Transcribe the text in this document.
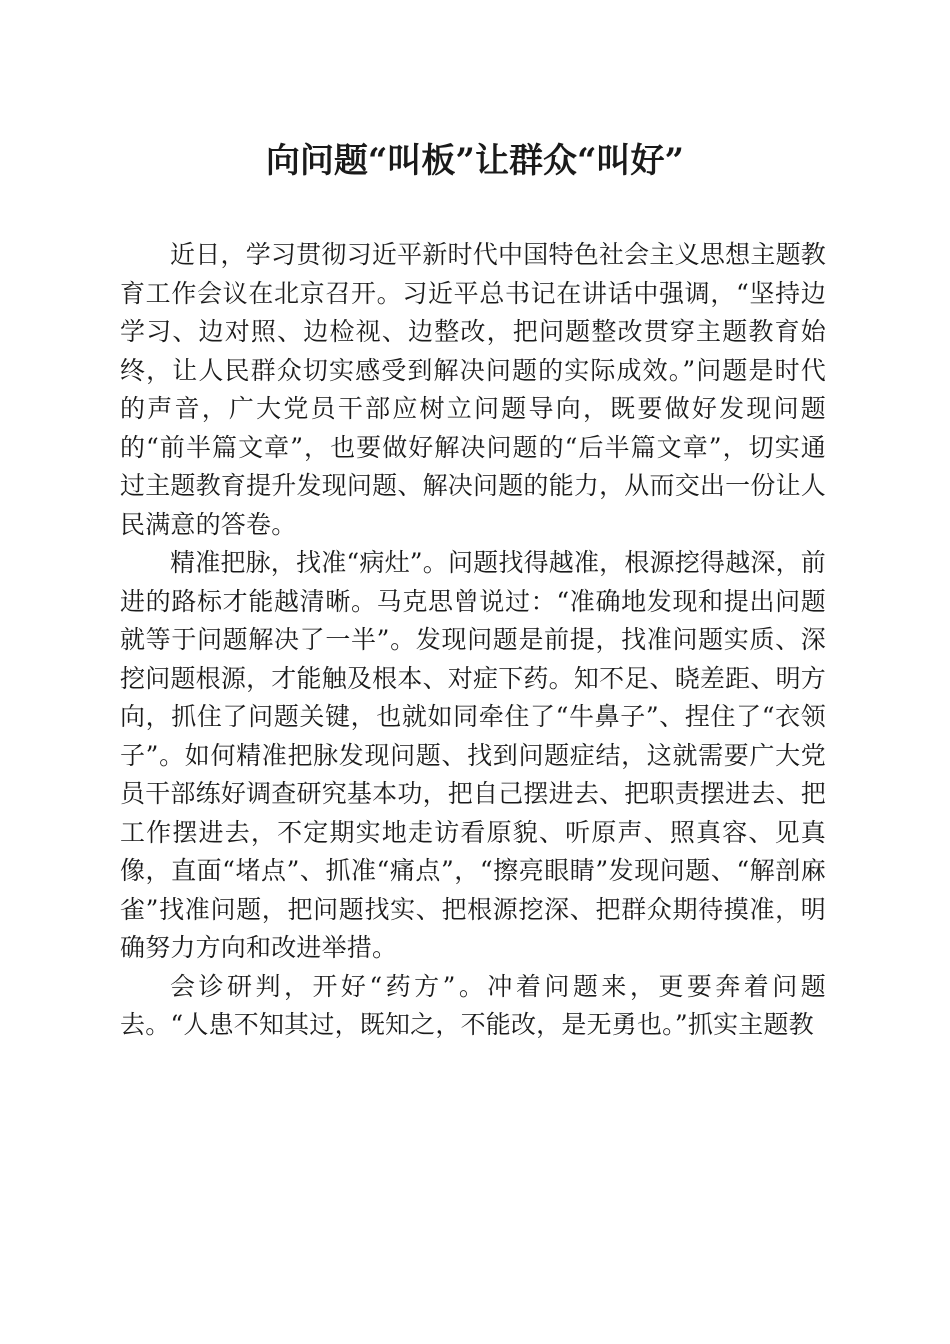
向问题“叫板”让群众“叫好”

近日，学习贯彻习近平新时代中国特色社会主义思想主题教育工作会议在北京召开。习近平总书记在讲话中强调，“坚持边学习、边对照、边检视、边整改，把问题整改贯穿主题教育始终，让人民群众切实感受到解决问题的实际成效。”问题是时代的声音，广大党员干部应树立问题导向，既要做好发现问题的“前半篇文章”，也要做好解决问题的“后半篇文章”，切实通过主题教育提升发现问题、解决问题的能力，从而交出一份让人民满意的答卷。

精准把脉，找准“病灶”。问题找得越准，根源挖得越深，前进的路标才能越清晰。马克思曾说过：“准确地发现和提出问题就等于问题解决了一半”。发现问题是前提，找准问题实质、深挖问题根源，才能触及根本、对症下药。知不足、晓差距、明方向，抓住了问题关键，也就如同牵住了“牛鼻子”、捏住了“衣领子”。如何精准把脉发现问题、找到问题症结，这就需要广大党员干部练好调查研究基本功，把自己摆进去、把职责摆进去、把工作摆进去，不定期实地走访看原貌、听原声、照真容、见真像，直面“堵点”、抓准“痛点”，“擦亮眼睛”发现问题、“解剖麻雀”找准问题，把问题找实、把根源挖深、把群众期待摸准，明确努力方向和改进举措。

会诊研判，开好“药方”。冲着问题来，更要奔着问题去。“人患不知其过，既知之，不能改，是无勇也。”抓实主题教
